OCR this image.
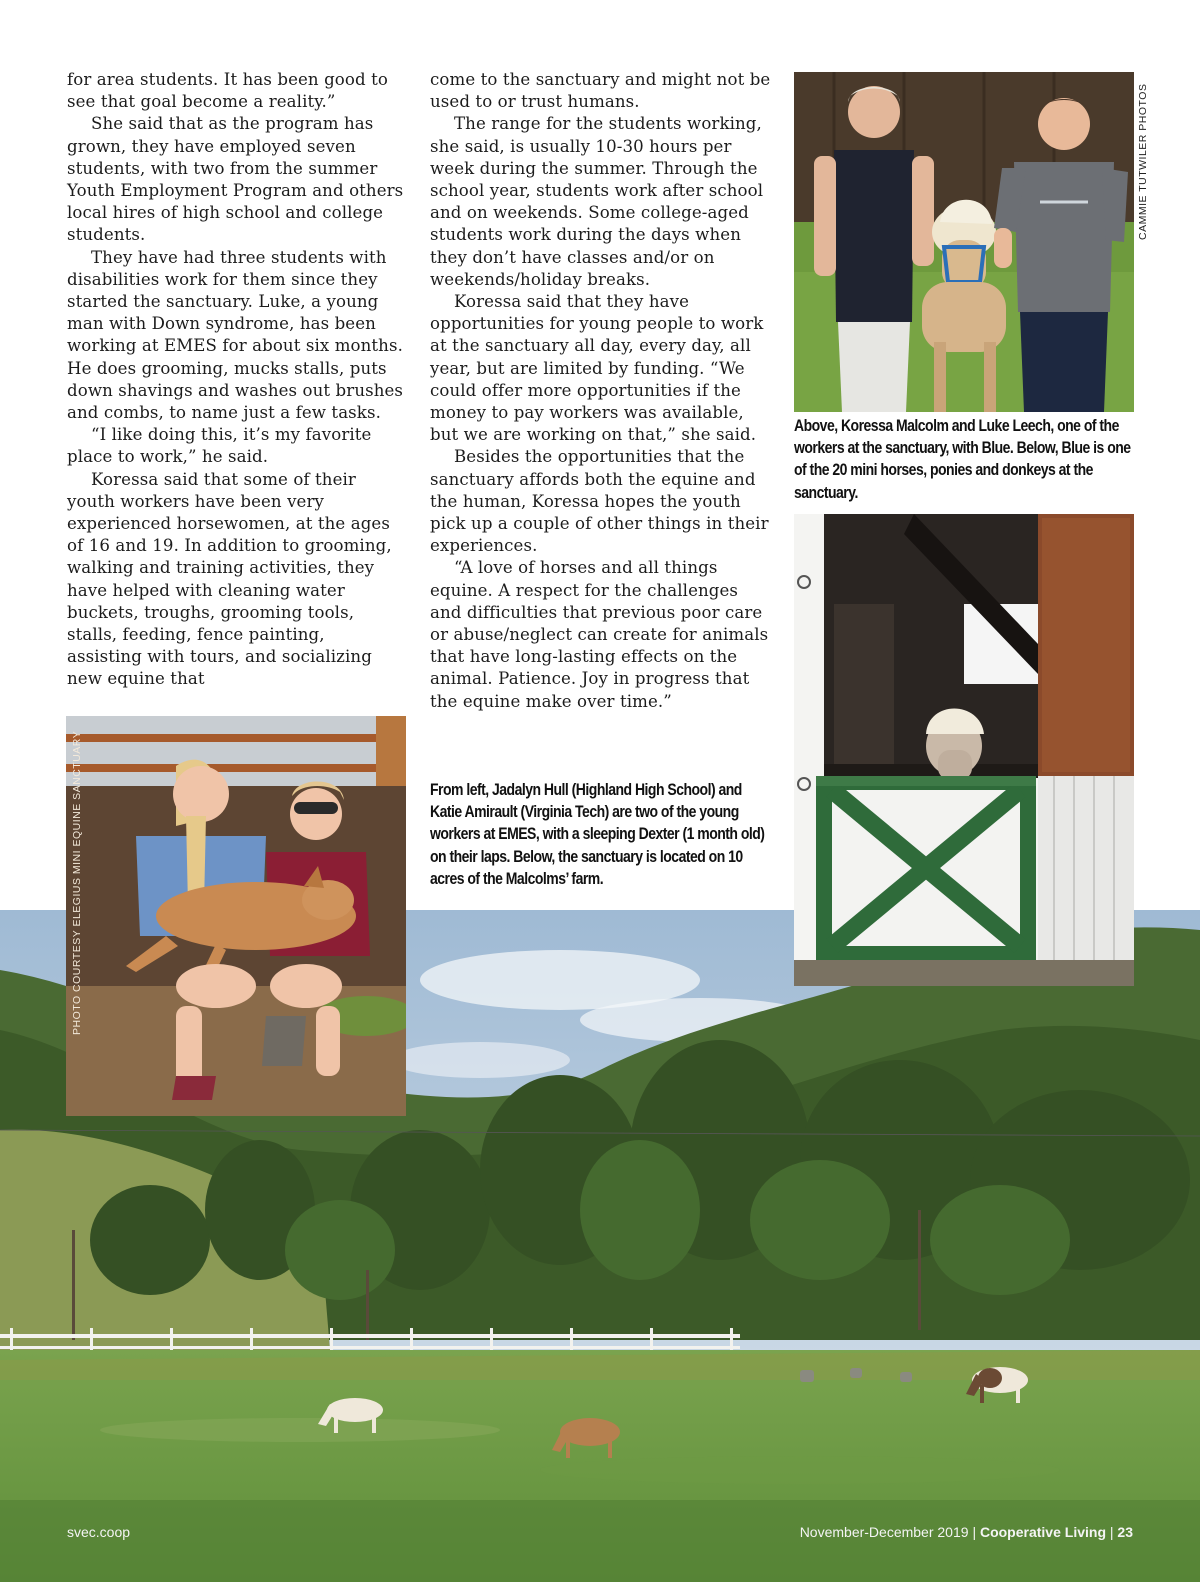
CAMMIE TUTWILER PHOTOS
Above, Koressa Malcolm and Luke Leech, one of the workers at the sanctuary, with Blue. Below, Blue is one of the 20 mini horses, ponies and donkeys at the sanctuary.
PHOTO COURTESY ELEGIUS MINI EQUINE SANCTUARY

for area students. It has been good to see that goal become a reality.”

She said that as the program has grown, they have employed seven students, with two from the summer Youth Employment Program and others local hires of high school and college students.

They have had three students with disabilities work for them since they started the sanctuary. Luke, a young man with Down syndrome, has been working at EMES for about six months. He does grooming, mucks stalls, puts down shavings and washes out brushes and combs, to name just a few tasks.

“I like doing this, it’s my favorite place to work,” he said.

Koressa said that some of their youth workers have been very experienced horsewomen, at the ages of 16 and 19. In addition to grooming, walking and training activities, they have helped with cleaning water buckets, troughs, grooming tools, stalls, feeding, fence painting, assisting with tours, and socializing new equine that

come to the sanctuary and might not be used to or trust humans.

The range for the students working, she said, is usually 10-30 hours per week during the summer. Through the school year, students work after school and on weekends. Some college-aged students work during the days when they don’t have classes and/or on weekends/holiday breaks.

Koressa said that they have opportunities for young people to work at the sanctuary all day, every day, all year, but are limited by funding. “We could offer more opportunities if the money to pay workers was available, but we are working on that,” she said.

Besides the opportunities that the sanctuary affords both the equine and the human, Koressa hopes the youth pick up a couple of other things in their experiences.

“A love of horses and all things equine. A respect for the challenges and difficulties that previous poor care or abuse/neglect can create for animals that have long-lasting effects on the animal. Patience. Joy in progress that the equine make over time.”

From left, Jadalyn Hull (Highland High School) and Katie Amirault (Virginia Tech) are two of the young workers at EMES, with a sleeping Dexter (1 month old) on their laps. Below, the sanctuary is located on 10 acres of the Malcolms’ farm.
svec.coop	November-December 2019 | Cooperative Living | 23
